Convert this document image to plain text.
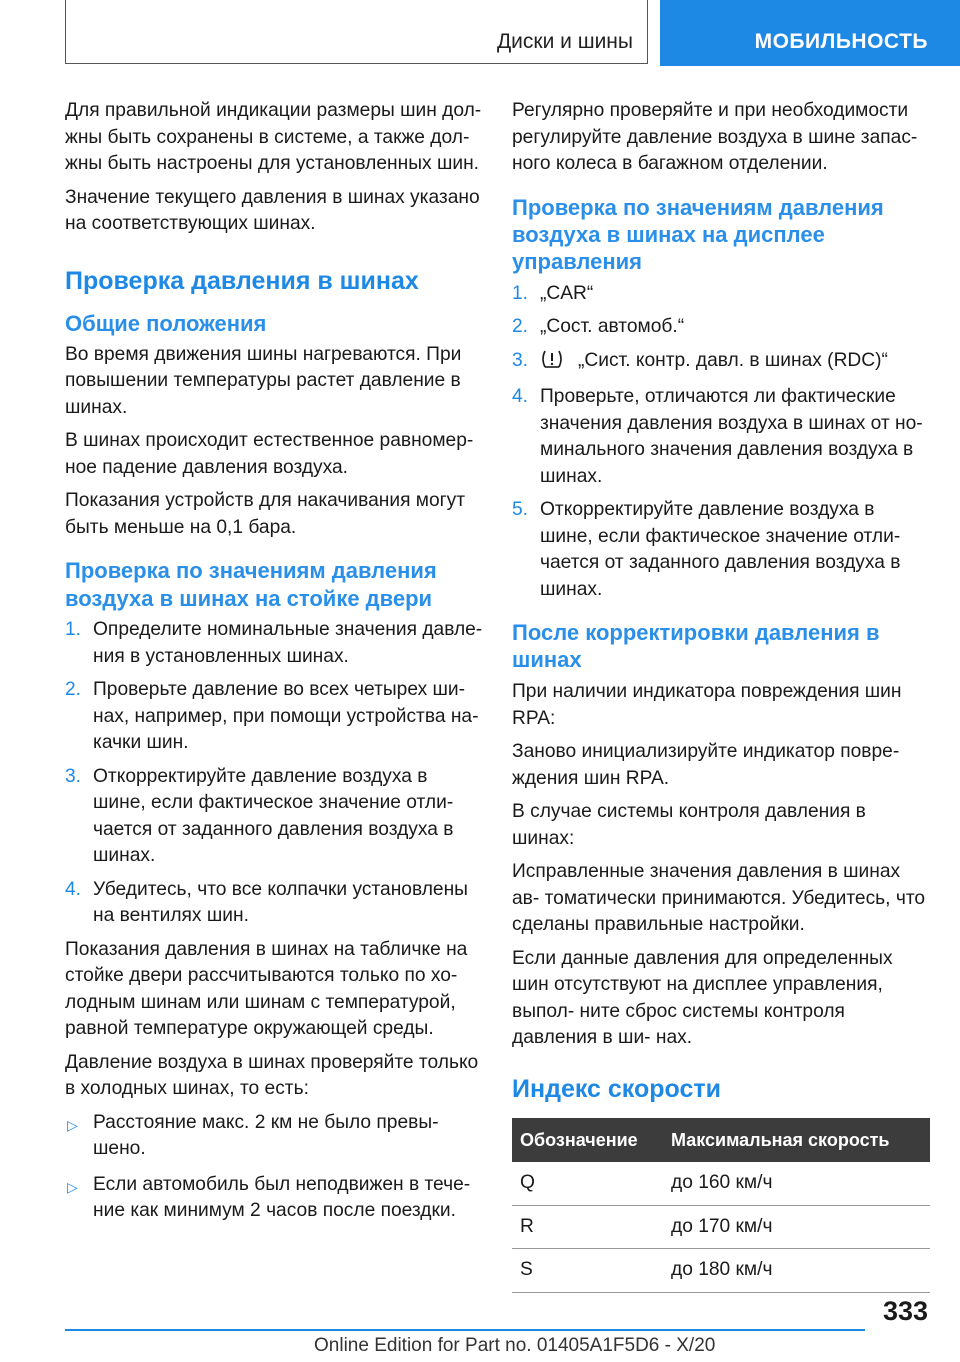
Диски и шины	МОБИЛЬНОСТЬ

Для правильной индикации размеры шин дол- жны быть сохранены в системе, а также дол- жны быть настроены для установленных шин.

Значение текущего давления в шинах указано на соответствующих шинах.

Проверка давления в шинах
Общие положения

Во время движения шины нагреваются. При повышении температуры растет давление в шинах.

В шинах происходит естественное равномер- ное падение давления воздуха.

Показания устройств для накачивания могут быть меньше на 0,1 бара.

Проверка по значениям давления воздуха в шинах на стойке двери
1. Определите номинальные значения давле- ния в установленных шинах.
2. Проверьте давление во всех четырех ши- нах, например, при помощи устройства на- качки шин.
3. Откорректируйте давление воздуха в шине, если фактическое значение отли- чается от заданного давления воздуха в шинах.
4. Убедитесь, что все колпачки установлены на вентилях шин.

Показания давления в шинах на табличке на стойке двери рассчитываются только по хо- лодным шинам или шинам с температурой, равной температуре окружающей среды.

Давление воздуха в шинах проверяйте только в холодных шинах, то есть:

▷ Расстояние макс. 2 км не было превы- шено.
▷ Если автомобиль был неподвижен в тече- ние как минимум 2 часов после поездки.

Регулярно проверяйте и при необходимости регулируйте давление воздуха в шине запас- ного колеса в багажном отделении.

Проверка по значениям давления воздуха в шинах на дисплее управления
1. „CAR“
2. „Сост. автомоб.“
3.	„Сист. контр. давл. в шинах (RDC)“
4. Проверьте, отличаются ли фактические значения давления воздуха в шинах от но- минального значения давления воздуха в шинах.
5. Откорректируйте давление воздуха в шине, если фактическое значение отли- чается от заданного давления воздуха в шинах.
После корректировки давления в шинах

При наличии индикатора повреждения шин RPA:

Заново инициализируйте индикатор повре- ждения шин RPA.

В случае системы контроля давления в шинах:

Исправленные значения давления в шинах ав- томатически принимаются. Убедитесь, что сделаны правильные настройки.

Если данные давления для определенных шин отсутствуют на дисплее управления, выпол- ните сброс системы контроля давления в ши- нах.

Индекс скорости
Обозначение	Максимальная скорость
Q	до 160 км/ч
R	до 170 км/ч
S	до 180 км/ч
333
Online Edition for Part no. 01405A1F5D6 - X/20
